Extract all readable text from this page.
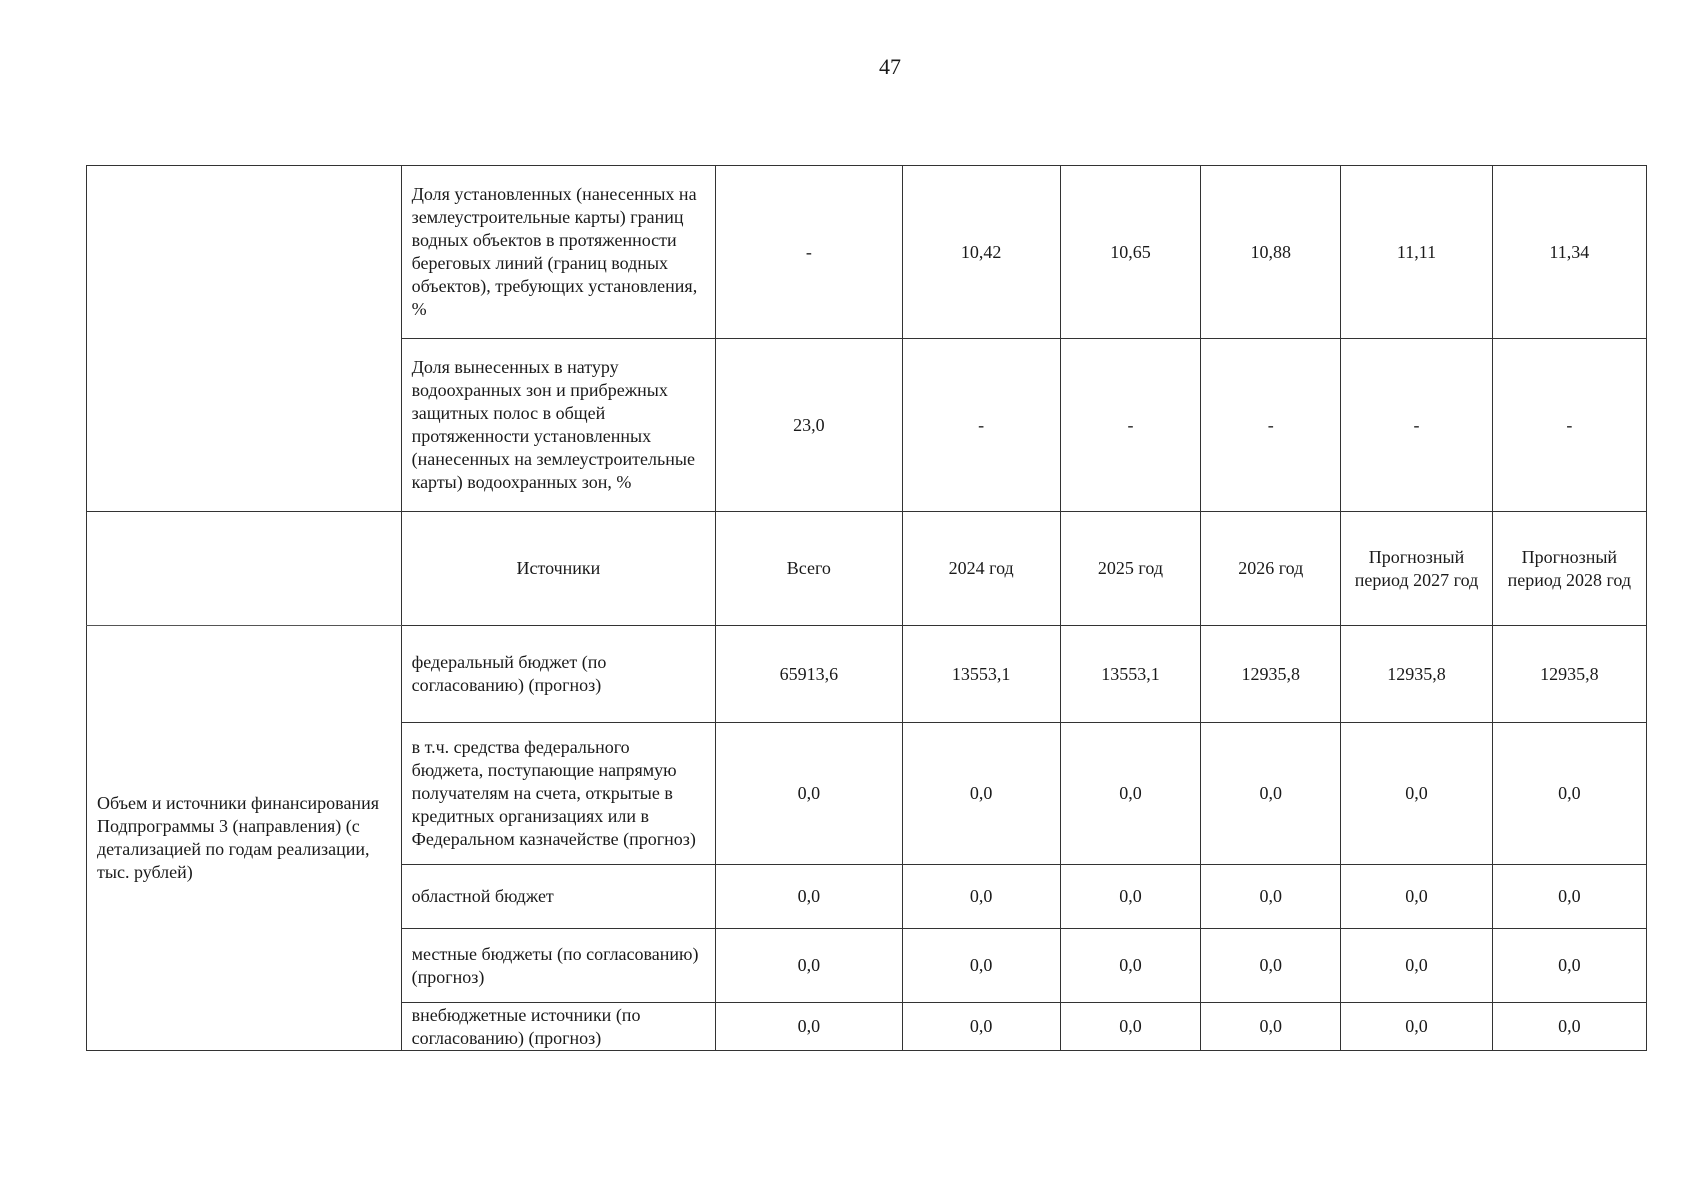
47
	Доля установленных (нанесенных на землеустроительные карты) границ водных объектов в протяженности береговых линий (границ водных объектов), требующих установления, %	-	10,42	10,65	10,88	11,11	11,34
	Доля вынесенных в натуру водоохранных зон и прибрежных защитных полос в общей протяженности установленных (нанесенных на землеустроительные карты) водоохранных зон, %	23,0	-	-	-	-	-
	Источники	Всего	2024 год	2025 год	2026 год	Прогнозный период 2027 год	Прогнозный период 2028 год
Объем и источники финансирования Подпрограммы 3 (направления) (с детализацией по годам реализации, тыс. рублей)	федеральный бюджет (по согласованию) (прогноз)	65913,6	13553,1	13553,1	12935,8	12935,8	12935,8
	в т.ч. средства федерального бюджета, поступающие напрямую получателям на счета, открытые в кредитных организациях или в Федеральном казначействе (прогноз)	0,0	0,0	0,0	0,0	0,0	0,0
	областной бюджет	0,0	0,0	0,0	0,0	0,0	0,0
	местные бюджеты (по согласованию) (прогноз)	0,0	0,0	0,0	0,0	0,0	0,0
	внебюджетные источники (по согласованию) (прогноз)	0,0	0,0	0,0	0,0	0,0	0,0
